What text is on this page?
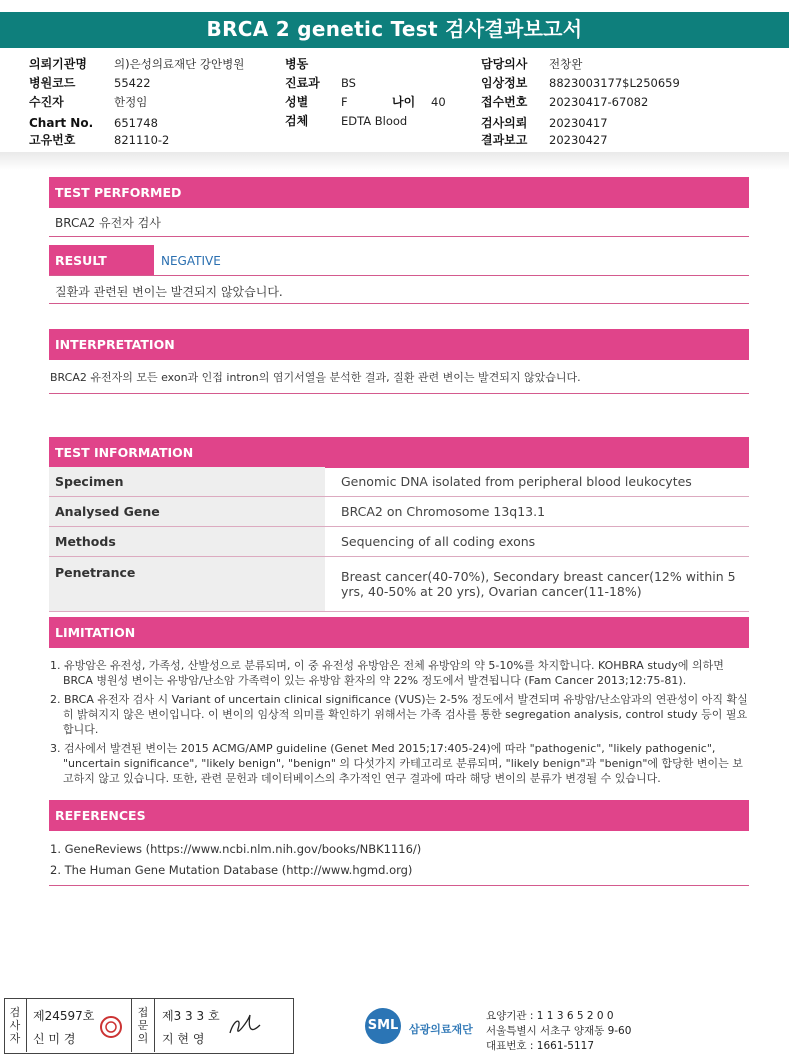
BRCA 2 genetic Test 검사결과보고서
의뢰기관명 의)은성의료재단 강안병원
병원코드	55422
수진자	한정임
Chart No. 651748
고유번호	821110-2
병동
진료과 BS
성별	F	나이 40
검체	EDTA Blood
담당의사 전창완
임상정보 8823003177$L250659
접수번호 20230417-67082
검사의뢰 20230417
결과보고 20230427
TEST PERFORMED
BRCA2 유전자 검사
RESULT	NEGATIVE
질환과 관련된 변이는 발견되지 않았습니다.
INTERPRETATION
BRCA2 유전자의 모든 exon과 인접 intron의 염기서열을 분석한 결과, 질환 관련 변이는 발견되지 않았습니다.
TEST INFORMATION
Specimen	Genomic DNA isolated from peripheral blood leukocytes
Analysed Gene	BRCA2 on Chromosome 13q13.1
Methods	Sequencing of all coding exons
Penetrance	Breast cancer(40-70%), Secondary breast cancer(12% within 5 yrs, 40-50% at 20 yrs), Ovarian cancer(11-18%)
LIMITATION
1. 유방암은 유전성, 가족성, 산발성으로 분류되며, 이 중 유전성 유방암은 전체 유방암의 약 5-10%를 차지합니다. KOHBRA study에 의하면 BRCA 병원성 변이는 유방암/난소암 가족력이 있는 유방암 환자의 약 22% 정도에서 발견됩니다 (Fam Cancer 2013;12:75-81).
2. BRCA 유전자 검사 시 Variant of uncertain clinical significance (VUS)는 2-5% 정도에서 발견되며 유방암/난소암과의 연관성이 아직 확실히 밝혀지지 않은 변이입니다. 이 변이의 임상적 의미를 확인하기 위해서는 가족 검사를 통한 segregation analysis, control study 등이 필요합니다.
3. 검사에서 발견된 변이는 2015 ACMG/AMP guideline (Genet Med 2015;17:405-24)에 따라 "pathogenic", "likely pathogenic", "uncertain significance", "likely benign", "benign" 의 다섯가지 카테고리로 분류되며, "likely benign"과 "benign"에 합당한 변이는 보고하지 않고 있습니다. 또한, 관련 문헌과 데이터베이스의 추가적인 연구 결과에 따라 해당 변이의 분류가 변경될 수 있습니다.
REFERENCES
1. GeneReviews (https://www.ncbi.nlm.nih.gov/books/NBK1116/)
2. The Human Gene Mutation Database (http://www.hgmd.org)
검사자
제24597호
신 미 경
접문의
제3 3 3 호
지 현 영
SML 삼광의료재단
요양기관 : 1 1 3 6 5 2 0 0
서울특별시 서초구 양재동 9-60
대표번호 : 1661-5117
